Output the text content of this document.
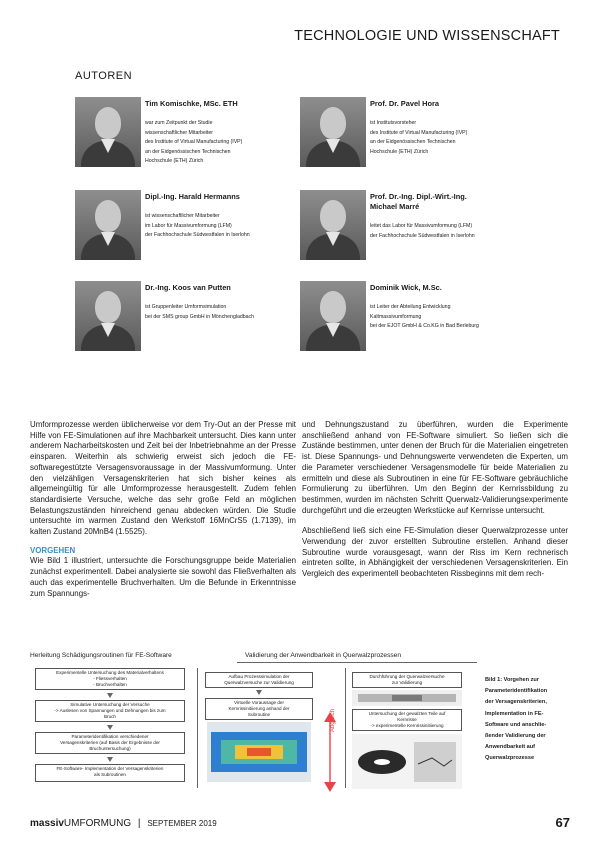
TECHNOLOGIE UND WISSENSCHAFT
AUTOREN
Tim Komischke, MSc. ETH
war zum Zeitpunkt der Studie
wissenschaftlicher Mitarbeiter
des Institute of Virtual Manufacturing (IVP)
an der Eidgenössischen Technischen
Hochschule (ETH) Zürich
Prof. Dr. Pavel Hora
ist Institutsvorsteher
des Institute of Virtual Manufacturing (IVP)
an der Eidgenössischen Technischen
Hochschule (ETH) Zürich
Dipl.-Ing. Harald Hermanns
ist wissenschaftlicher Mitarbeiter
im Labor für Massivumformung (LFM)
der Fachhochschule Südwestfalen in Iserlohn
Prof. Dr.-Ing. Dipl.-Wirt.-Ing.
Michael Marré
leitet das Labor für Massivumformung (LFM)
der Fachhochschule Südwestfalen in Iserlohn
Dr.-Ing. Koos van Putten
ist Gruppenleiter Umformsimulation
bei der SMS group GmbH in Mönchengladbach
Dominik Wick, M.Sc.
ist Leiter der Abteilung Entwicklung
Kaltmassivumformung
bei der EJOT GmbH & Co.KG in Bad Berleburg

Umformprozesse werden üblicherweise vor dem Try-Out an der Presse mit Hilfe von FE-Simulationen auf ihre Machbarkeit untersucht. Dies kann unter anderem Nacharbeitskosten und Zeit bei der Inbetriebnahme an der Presse einsparen. Weiterhin als schwierig erweist sich jedoch die FE-softwaregestützte Versagensvoraussage in der Massivumformung. Unter den vielzähligen Versagenskriterien hat sich bisher keines als allgemeingültig für alle Umformprozesse herausgestellt. Zudem fehlen standardisierte Versuche, welche das sehr große Feld an möglichen Belastungszuständen hinreichend genau abdecken würden. Die Studie untersuchte im warmen Zustand den Werkstoff 16MnCrS5 (1.7139), im kalten Zustand 20MnB4 (1.5525).

VORGEHEN

Wie Bild 1 illustriert, untersuchte die Forschungsgruppe beide Materialien zunächst experimentell. Dabei analysierte sie sowohl das Fließverhalten als auch das experimentelle Bruchverhalten. Um die Befunde in Erkenntnisse zum Spannungs-

und Dehnungszustand zu überführen, wurden die Experimente anschließend anhand von FE-Software simuliert. So ließen sich die Zustände bestimmen, unter denen der Bruch für die Materialien eingetreten ist. Diese Spannungs- und Dehnungswerte verwendeten die Experten, um die Parameter verschiedener Versagensmodelle für beide Materialien zu ermitteln und diese als Subroutinen in eine für FE-Software gebräuchliche Formulierung zu überführen. Um den Beginn der Kernrissbildung zu bestimmen, wurden im nächsten Schritt Querwalz-Validierungsexperimente durchgeführt und die erzeugten Werkstücke auf Kernrisse untersucht.

Abschließend ließ sich eine FE-Simulation dieser Querwalzprozesse unter Verwendung der zuvor erstellten Subroutine erstellen. Anhand dieser Subroutine wurde vorausgesagt, wann der Riss im Kern rechnerisch eintreten sollte, in Abhängigkeit der verschiedenen Versagenskriterien. Ein Vergleich des experimentell beobachteten Rissbeginns mit dem rech-

Herleitung Schädigungsroutinen für FE-Software	Validierung der Anwendbarkeit in Querwalzprozessen
Experimentelle Untersuchung des Materialverhaltens
- Fliessverhalten
- Bruchverhalten
Simulative Untersuchung der Versuche
-> Auslesen von Spannungen und Dehnungen bis zum
Bruch
Parameteridentifikation verschiedener
Versagenskriterien (auf Basis der Ergebnisse der
Bruchuntersuchung)
FE-Software- Implementation der Versagenskriterien
als Subroutinen
Aufbau Prozesssimulation der
Querwalzversuche zur Validierung
Virtuelle Voraussage der
Kernrissinitiierung anhand der
Subroutine	Abgleich
Durchführung der Querwalzversuche
zur Validierung
Untersuchung der gewalzten Teile auf
Kernrisse
-> experimentelle Kernrissinitiierung
Bild 1: Vorgehen zur
Parameteridentifikation
der Versagenskriterien,
Implementation in FE-
Software und anschlie-
ßender Validierung der
Anwendbarkeit auf
Querwalzprozesse
massivUMFORMUNG | SEPTEMBER 2019	67
